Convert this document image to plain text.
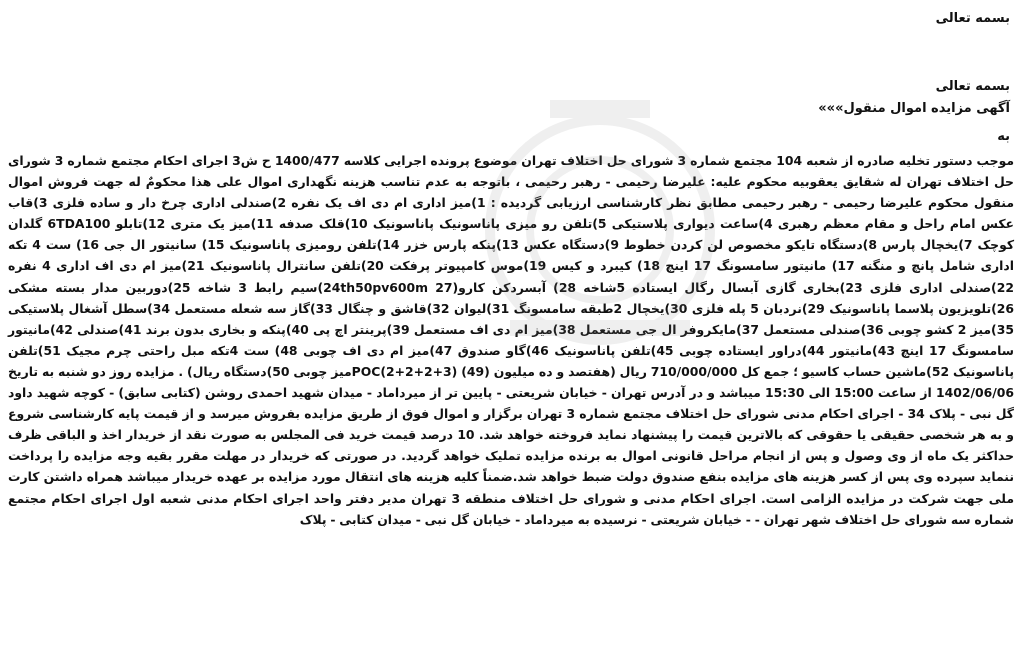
بسمه تعالی
بسمه تعالی
آگهی مزایده اموال منقول»»»
به
موجب دستور تخلیه صادره از شعبه 104 مجتمع شماره 3 شورای حل اختلاف تهران موضوع پرونده اجرایی کلاسه 1400/477 ح ش3 اجرای احکام مجتمع شماره 3 شورای حل اختلاف تهران له شقایق یعقوبیه محکوم علیه: علیرضا رحیمی - رهبر رحیمی ، باتوجه به عدم تناسب هزینه نگهداری اموال علی هذا محکومٌ له جهت فروش اموال منقول محکوم علیرضا رحیمی - رهبر رحیمی مطابق نظر کارشناسی ارزیابی گردیده : 1)میز اداری ام دی اف یک نفره 2)صندلی اداری چرخ دار و ساده فلزی 3)قاب عکس امام راحل و مقام معظم رهبری 4)ساعت دیواری پلاستیکی 5)تلفن رو میزی پاناسونیک پاناسونیک 10)قلک صدفه 11)میز یک متری 12)تابلو 6TDA100 گلدان کوچک 7)یخچال پارس 8)دستگاه تایکو مخصوص لن کردن خطوط 9)دستگاه عکس 13)پنکه پارس خزر 14)تلفن رومیزی پاناسونیک 15) سانیتور ال جی 16) ست 4 تکه اداری شامل پانچ و منگنه 17) مانیتور سامسونگ 17 اینچ 18) کیبرد و کیس 19)موس کامپیوتر پرفکت 20)تلفن سانترال پاناسونیک 21)میز ام دی اف اداری 4 نفره 22)صندلی اداری فلزی 23)بخاری گازی آبسال رگال ایستاده 5شاخه 28) آبسردکن کارو(27 24th50pv600m)سیم رابط 3 شاخه 25)دوربین مدار بسته مشکی 26)تلویزیون پلاسما پاناسونیک 29)نردبان 5 پله فلزی 30)یخچال 2طبقه سامسونگ 31)لیوان 32)قاشق و چنگال 33)گاز سه شعله مستعمل 34)سطل آشغال پلاستیکی 35)میز 2 کشو چوبی 36)صندلی مستعمل 37)مایکروفر ال جی مستعمل 38)میز ام دی اف مستعمل 39)پرینتر اچ پی 40)پنکه و بخاری بدون برند 41)صندلی 42)مانیتور سامسونگ 17 اینچ 43)مانیتور 44)دراور ایستاده چوبی 45)تلفن پاناسونیک 46)گاو صندوق 47)میز ام دی اف چوبی 48) ست 4تکه مبل راحتی چرم مجیک 51)تلفن پاناسونیک 52)ماشین حساب کاسیو ؛ جمع کل 710/000/000 ریال (هفتصد و ده میلیون POC(2+2+2+3) (49)میز چوبی 50)دستگاه ریال) . مزایده روز دو شنبه به تاریخ 1402/06/06 از ساعت 15:00 الی 15:30 میباشد و در آدرس تهران - خیابان شریعتی - پایین تر از میرداماد - میدان شهید احمدی روشن (کتابی سابق) - کوچه شهید داود گل نبی - پلاک 34 - اجرای احکام مدنی شورای حل اختلاف مجتمع شماره 3 تهران برگزار و اموال فوق از طریق مزایده بفروش میرسد و از قیمت پایه کارشناسی شروع و به هر شخصی حقیقی یا حقوقی که بالاترین قیمت را پیشنهاد نماید فروخته خواهد شد. 10 درصد قیمت خرید فی المجلس به صورت نقد از خریدار اخذ و الباقی ظرف حداکثر یک ماه از وی وصول و پس از انجام مراحل قانونی اموال به برنده مزایده تملیک خواهد گردید. در صورتی که خریدار در مهلت مقرر بقیه وجه مزایده را پرداخت ننماید سپرده وی پس از کسر هزینه های مزایده بنفع صندوق دولت ضبط خواهد شد.ضمناً کلیه هزینه های انتقال مورد مزایده بر عهده خریدار میباشد همراه داشتن کارت ملی جهت شرکت در مزایده الزامی است. اجرای احکام مدنی و شورای حل اختلاف منطقه 3 تهران مدیر دفتر واحد اجرای احکام مدنی شعبه اول اجرای احکام مجتمع شماره سه شورای حل اختلاف شهر تهران - - خیابان شریعتی - نرسیده به میرداماد - خیابان گل نبی - میدان کتابی - پلاک
